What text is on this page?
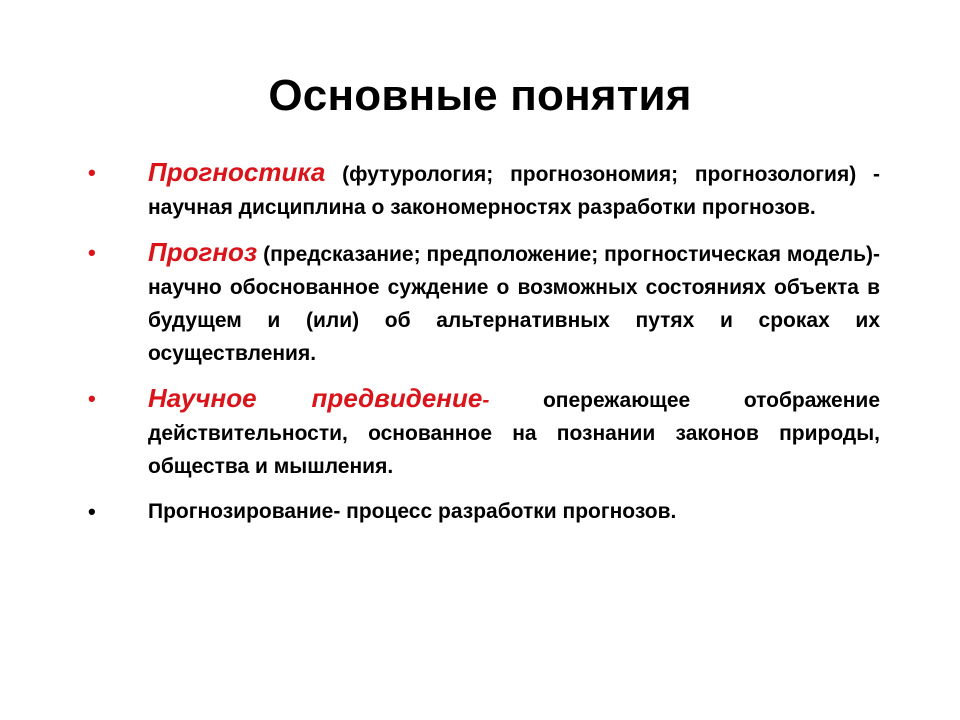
Основные понятия
•	Прогностика (футурология; прогнозономия; прогнозология) - научная дисциплина о закономерностях разработки прогнозов.
•	Прогноз (предсказание; предположение; прогностическая модель)- научно обоснованное суждение о возможных состояниях объекта в будущем и (или) об альтернативных путях и сроках их осуществления.
•	Научное предвидение-	опережающее отображение действительности, основанное на познании законов природы, общества и мышления.
•	Прогнозирование- процесс разработки прогнозов.
